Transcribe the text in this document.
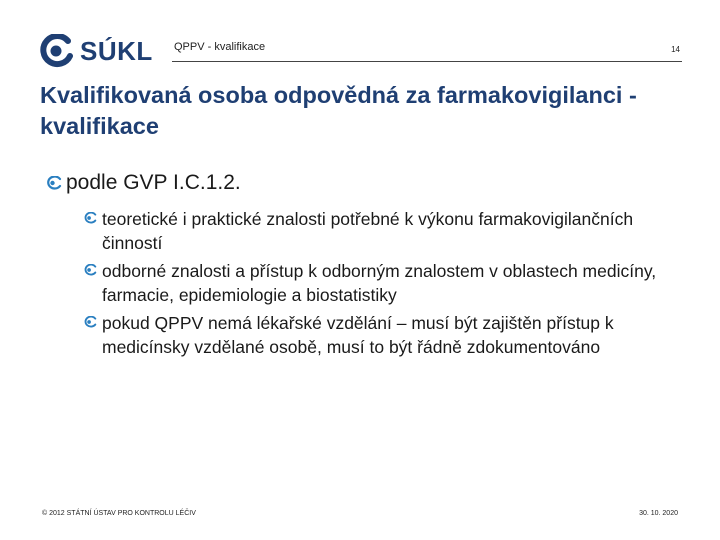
SÚKL QPPV - kvalifikace	14
Kvalifikovaná osoba odpovědná za farmakovigilanci - kvalifikace
podle GVP I.C.1.2.
teoretické i praktické znalosti potřebné k výkonu farmakovigilančních činností
odborné znalosti a přístup k odborným znalostem v oblastech medicíny, farmacie, epidemiologie a biostatistiky
pokud QPPV nemá lékařské vzdělání – musí být zajištěn přístup k medicínsky vzdělané osobě, musí to být řádně zdokumentováno
© 2012 STÁTNÍ ÚSTAV PRO KONTROLU LÉČIV	30. 10. 2020
